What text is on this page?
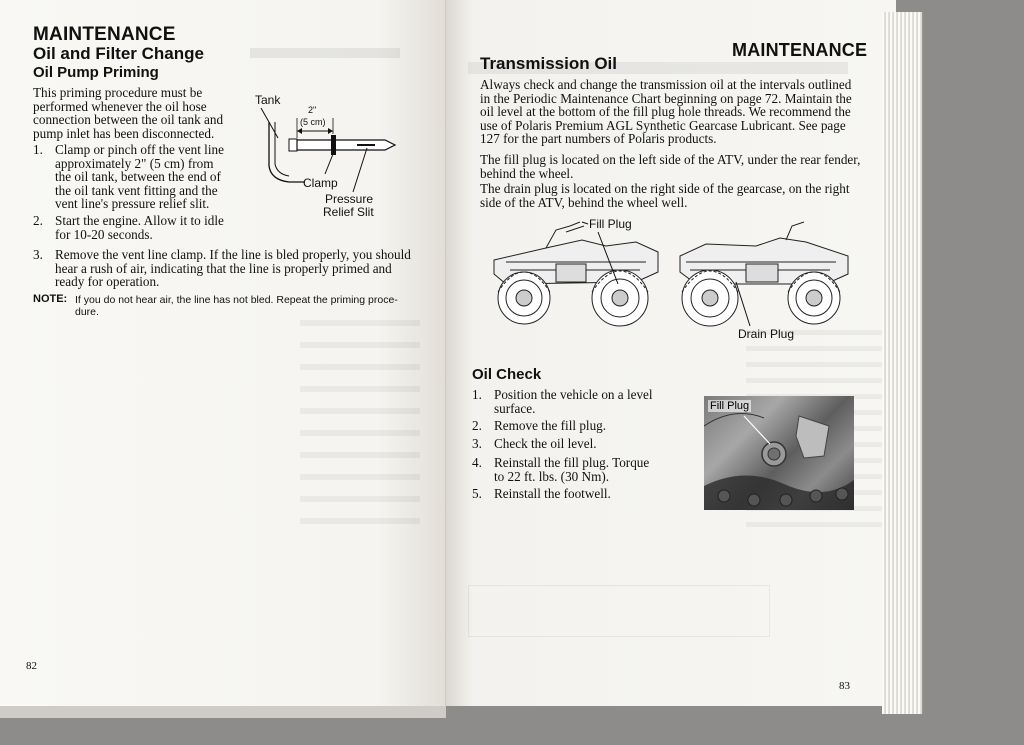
MAINTENANCE
Oil and Filter Change
Oil Pump Priming
This priming procedure must be
performed whenever the oil hose
connection between the oil tank and
pump inlet has been disconnected.
1. Clamp or pinch off the vent line
approximately 2" (5 cm) from
the oil tank, between the end of
the oil tank vent fitting and the
vent line's pressure relief slit.
2. Start the engine. Allow it to idle
for 10-20 seconds.
3. Remove the vent line clamp. If the line is bled properly, you should
hear a rush of air, indicating that the line is properly primed and
ready for operation.
NOTE: If you do not hear air, the line has not bled. Repeat the priming proce-
dure.
Tank
2"
(5 cm)
Clamp
Pressure
Relief Slit
82
MAINTENANCE
Transmission Oil
Always check and change the transmission oil at the intervals outlined
in the Periodic Maintenance Chart beginning on page 72. Maintain the
oil level at the bottom of the fill plug hole threads. We recommend the
use of Polaris Premium AGL Synthetic Gearcase Lubricant. See page
127 for the part numbers of Polaris products.
The fill plug is located on the left side of the ATV, under the rear fender,
behind the wheel.
The drain plug is located on the right side of the gearcase, on the right
side of the ATV, behind the wheel well.
Fill Plug
Drain Plug
Oil Check
1. Position the vehicle on a level
surface.
2. Remove the fill plug.
3. Check the oil level.
4. Reinstall the fill plug. Torque
to 22 ft. lbs. (30 Nm).
5. Reinstall the footwell.
Fill Plug
83
